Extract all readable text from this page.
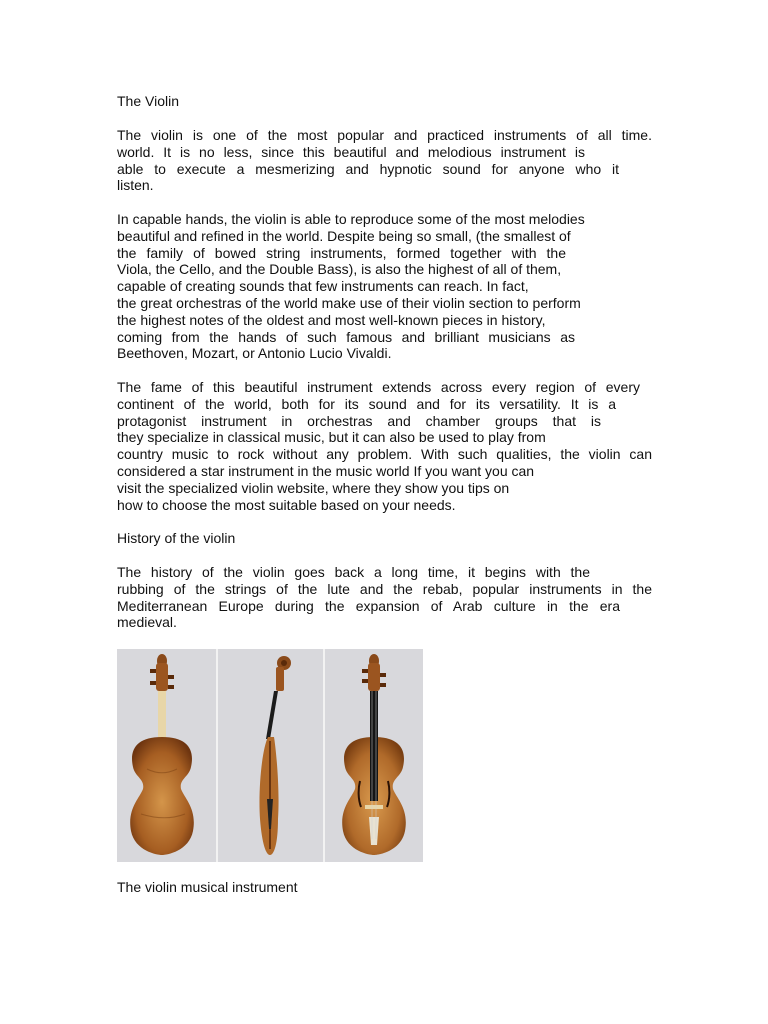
The Violin
The violin is one of the most popular and practiced instruments of all time.
world. It is no less, since this beautiful and melodious instrument is
able to execute a mesmerizing and hypnotic sound for anyone who it
listen.
In capable hands, the violin is able to reproduce some of the most melodies
beautiful and refined in the world. Despite being so small, (the smallest of
the family of bowed string instruments, formed together with the
Viola, the Cello, and the Double Bass), is also the highest of all of them,
capable of creating sounds that few instruments can reach. In fact,
the great orchestras of the world make use of their violin section to perform
the highest notes of the oldest and most well-known pieces in history,
coming from the hands of such famous and brilliant musicians as
Beethoven, Mozart, or Antonio Lucio Vivaldi.
The fame of this beautiful instrument extends across every region of every
continent of the world, both for its sound and for its versatility. It is a
protagonist instrument in orchestras and chamber groups that is
they specialize in classical music, but it can also be used to play from
country music to rock without any problem. With such qualities, the violin can
considered a star instrument in the music world If you want you can
visit the specialized violin website, where they show you tips on
how to choose the most suitable based on your needs.
History of the violin
The history of the violin goes back a long time, it begins with the
rubbing of the strings of the lute and the rebab, popular instruments in the
Mediterranean Europe during the expansion of Arab culture in the era
medieval.
The violin musical instrument
